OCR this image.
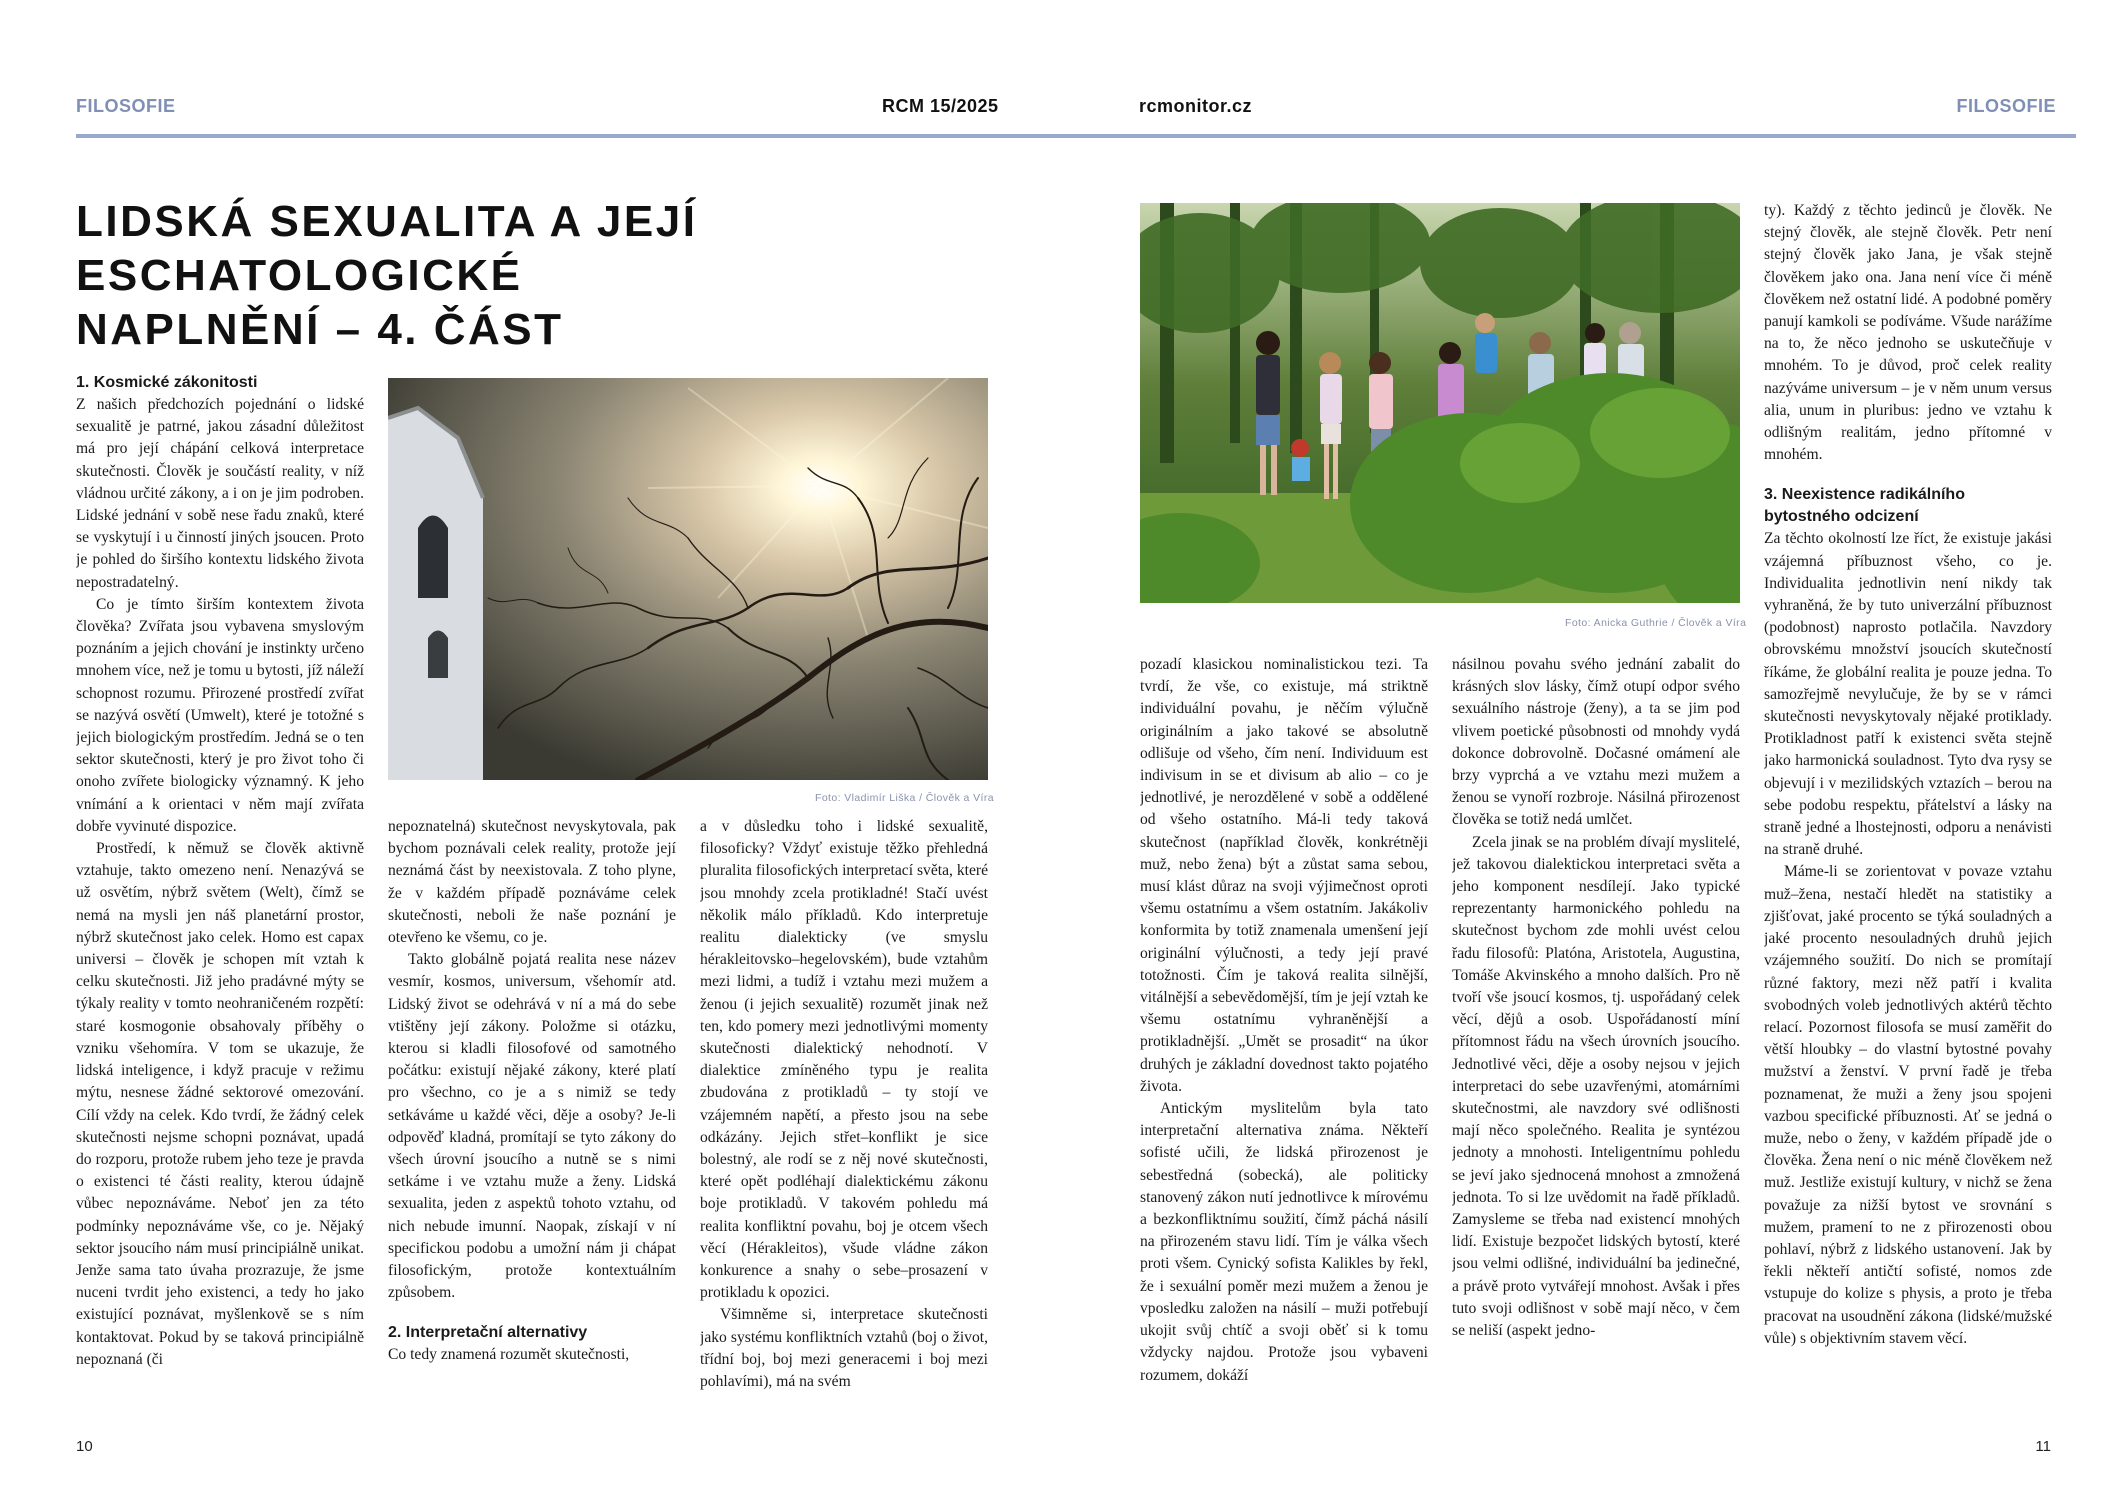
FILOSOFIE	RCM 15/2025	rcmonitor.cz	FILOSOFIE
LIDSKÁ SEXUALITA A JEJÍ ESCHATOLOGICKÉ
NAPLNĚNÍ – 4. ČÁST
Foto: Vladimír Liška / Člověk a Víra
Foto: Anicka Guthrie / Člověk a Víra
1. Kosmické zákonitosti

Z našich předchozích pojednání o lidské sexualitě je patrné, jakou zásadní důležitost má pro její chápání celková interpretace skutečnosti. Člověk je součástí reality, v níž vládnou určité zákony, a i on je jim podroben. Lidské jednání v sobě nese řadu znaků, které se vyskytují i u činností jiných jsoucen. Proto je pohled do širšího kontextu lidského života nepostradatelný.

Co je tímto širším kontextem života člověka? Zvířata jsou vybavena smyslovým poznáním a jejich chování je instinkty určeno mnohem více, než je tomu u bytosti, jíž náleží schopnost rozumu. Přirozené prostředí zvířat se nazývá osvětí (Umwelt), které je totožné s jejich biologickým prostředím. Jedná se o ten sektor skutečnosti, který je pro život toho či onoho zvířete biologicky významný. K jeho vnímání a k orientaci v něm mají zvířata dobře vyvinuté dispozice.

Prostředí, k němuž se člověk aktivně vztahuje, takto omezeno není. Nenazývá se už osvětím, nýbrž světem (Welt), čímž se nemá na mysli jen náš planetární prostor, nýbrž skutečnost jako celek. Homo est capax universi – člověk je schopen mít vztah k celku skutečnosti. Již jeho pradávné mýty se týkaly reality v tomto neohraničeném rozpětí: staré kosmogonie obsahovaly příběhy o vzniku všehomíra. V tom se ukazuje, že lidská inteligence, i když pracuje v režimu mýtu, nesnese žádné sektorové omezování. Cílí vždy na celek. Kdo tvrdí, že žádný celek skutečnosti nejsme schopni poznávat, upadá do rozporu, protože rubem jeho teze je pravda o existenci té části reality, kterou údajně vůbec nepoznáváme. Neboť jen za této podmínky nepoznáváme vše, co je. Nějaký sektor jsoucího nám musí principiálně unikat. Jenže sama tato úvaha prozrazuje, že jsme nuceni tvrdit jeho existenci, a tedy ho jako existující poznávat, myšlenkově se s ním kontaktovat. Pokud by se taková principiálně nepoznaná (či

nepoznatelná) skutečnost nevyskytovala, pak bychom poznávali celek reality, protože její neznámá část by neexistovala. Z toho plyne, že v každém případě poznáváme celek skutečnosti, neboli že naše poznání je otevřeno ke všemu, co je.

Takto globálně pojatá realita nese název vesmír, kosmos, universum, všehomír atd. Lidský život se odehrává v ní a má do sebe vtištěny její zákony. Položme si otázku, kterou si kladli filosofové od samotného počátku: existují nějaké zákony, které platí pro všechno, co je a s nimiž se tedy setkáváme u každé věci, děje a osoby? Je-li odpověď kladná, promítají se tyto zákony do všech úrovní jsoucího a nutně se s nimi setkáme i ve vztahu muže a ženy. Lidská sexualita, jeden z aspektů tohoto vztahu, od nich nebude imunní. Naopak, získají v ní specifickou podobu a umožní nám ji chápat filosofickým, protože kontextuálním způsobem.

2. Interpretační alternativy

Co tedy znamená rozumět skutečnosti,

a v důsledku toho i lidské sexualitě, filosoficky? Vždyť existuje těžko přehledná pluralita filosofických interpretací světa, které jsou mnohdy zcela protikladné! Stačí uvést několik málo příkladů. Kdo interpretuje realitu dialekticky (ve smyslu hérakleitovsko–hegelovském), bude vztahům mezi lidmi, a tudíž i vztahu mezi mužem a ženou (i jejich sexualitě) rozumět jinak než ten, kdo pomery mezi jednotlivými momenty skutečnosti dialektický nehodnotí. V dialektice zmíněného typu je realita zbudována z protikladů – ty stojí ve vzájemném napětí, a přesto jsou na sebe odkázány. Jejich střet–konflikt je sice bolestný, ale rodí se z něj nové skutečnosti, které opět podléhají dialektickému zákonu boje protikladů. V takovém pohledu má realita konfliktní povahu, boj je otcem všech věcí (Hérakleitos), všude vládne zákon konkurence a snahy o sebe–prosazení v protikladu k opozici.

Všimněme si, interpretace skutečnosti jako systému konfliktních vztahů (boj o život, třídní boj, boj mezi generacemi i boj mezi pohlavími), má na svém

pozadí klasickou nominalistickou tezi. Ta tvrdí, že vše, co existuje, má striktně individuální povahu, je něčím výlučně originálním a jako takové se absolutně odlišuje od všeho, čím není. Individuum est indivisum in se et divisum ab alio – co je jednotlivé, je nerozdělené v sobě a oddělené od všeho ostatního. Má-li tedy taková skutečnost (například člověk, konkrétněji muž, nebo žena) být a zůstat sama sebou, musí klást důraz na svoji výjimečnost oproti všemu ostatnímu a všem ostatním. Jakákoliv konformita by totiž znamenala umenšení její originální výlučnosti, a tedy její pravé totožnosti. Čím je taková realita silnější, vitálnější a sebevědomější, tím je její vztah ke všemu ostatnímu vyhraněnější a protikladnější. „Umět se prosadit“ na úkor druhých je základní dovednost takto pojatého života.

Antickým myslitelům byla tato interpretační alternativa známa. Někteří sofisté učili, že lidská přirozenost je sebestředná (sobecká), ale politicky stanovený zákon nutí jednotlivce k mírovému a bezkonfliktnímu soužití, čímž páchá násilí na přirozeném stavu lidí. Tím je válka všech proti všem. Cynický sofista Kalikles by řekl, že i sexuální poměr mezi mužem a ženou je vposledku založen na násilí – muži potřebují ukojit svůj chtíč a svoji oběť si k tomu vždycky najdou. Protože jsou vybaveni rozumem, dokáží

násilnou povahu svého jednání zabalit do krásných slov lásky, čímž otupí odpor svého sexuálního nástroje (ženy), a ta se jim pod vlivem poetické působnosti od mnohdy vydá dokonce dobrovolně. Dočasné omámení ale brzy vyprchá a ve vztahu mezi mužem a ženou se vynoří rozbroje. Násilná přirozenost člověka se totiž nedá umlčet.

Zcela jinak se na problém dívají myslitelé, jež takovou dialektickou interpretaci světa a jeho komponent nesdílejí. Jako typické reprezentanty harmonického pohledu na skutečnost bychom zde mohli uvést celou řadu filosofů: Platóna, Aristotela, Augustina, Tomáše Akvinského a mnoho dalších. Pro ně tvoří vše jsoucí kosmos, tj. uspořádaný celek věcí, dějů a osob. Uspořádaností míní přítomnost řádu na všech úrovních jsoucího. Jednotlivé věci, děje a osoby nejsou v jejich interpretaci do sebe uzavřenými, atomárními skutečnostmi, ale navzdory své odlišnosti mají něco společného. Realita je syntézou jednoty a mnohosti. Inteligentnímu pohledu se jeví jako sjednocená mnohost a zmnožená jednota. To si lze uvědomit na řadě příkladů. Zamysleme se třeba nad existencí mnohých lidí. Existuje bezpočet lidských bytostí, které jsou velmi odlišné, individuální ba jedinečné, a právě proto vytvářejí mnohost. Avšak i přes tuto svoji odlišnost v sobě mají něco, v čem se neliší (aspekt jedno-

ty). Každý z těchto jedinců je člověk. Ne stejný člověk, ale stejně člověk. Petr není stejný člověk jako Jana, je však stejně člověkem jako ona. Jana není více či méně člověkem než ostatní lidé. A podobné poměry panují kamkoli se podíváme. Všude narážíme na to, že něco jednoho se uskutečňuje v mnohém. To je důvod, proč celek reality nazýváme universum – je v něm unum versus alia, unum in pluribus: jedno ve vztahu k odlišným realitám, jedno přítomné v mnohém.

3. Neexistence radikálního bytostného odcizení

Za těchto okolností lze říct, že existuje jakási vzájemná příbuznost všeho, co je. Individualita jednotlivin není nikdy tak vyhraněná, že by tuto univerzální příbuznost (podobnost) naprosto potlačila. Navzdory obrovskému množství jsoucích skutečností říkáme, že globální realita je pouze jedna. To samozřejmě nevylučuje, že by se v rámci skutečnosti nevyskytovaly nějaké protiklady. Protikladnost patří k existenci světa stejně jako harmonická souladnost. Tyto dva rysy se objevují i v mezilidských vztazích – berou na sebe podobu respektu, přátelství a lásky na straně jedné a lhostejnosti, odporu a nenávisti na straně druhé.

Máme-li se zorientovat v povaze vztahu muž–žena, nestačí hledět na statistiky a zjišťovat, jaké procento se týká souladných a jaké procento nesouladných druhů jejich vzájemného soužití. Do nich se promítají různé faktory, mezi něž patří i kvalita svobodných voleb jednotlivých aktérů těchto relací. Pozornost filosofa se musí zaměřit do větší hloubky – do vlastní bytostné povahy mužství a ženství. V první řadě je třeba poznamenat, že muži a ženy jsou spojeni vazbou specifické příbuznosti. Ať se jedná o muže, nebo o ženy, v každém případě jde o člověka. Žena není o nic méně člověkem než muž. Jestliže existují kultury, v nichž se žena považuje za nižší bytost ve srovnání s mužem, pramení to ne z přirozenosti obou pohlaví, nýbrž z lidského ustanovení. Jak by řekli někteří antičtí sofisté, nomos zde vstupuje do kolize s physis, a proto je třeba pracovat na usoudnění zákona (lidské/mužské vůle) s objektivním stavem věcí.

10	11
